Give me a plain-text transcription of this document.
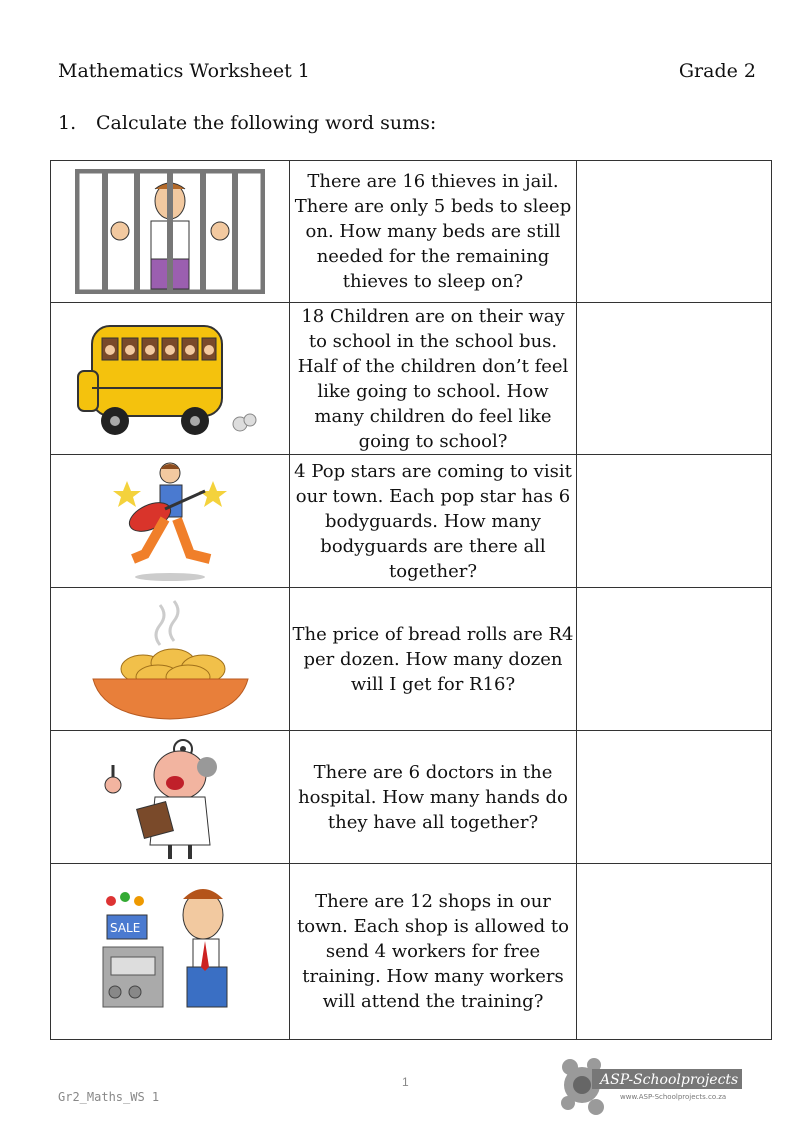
Mathematics Worksheet 1	Grade 2
1. Calculate the following word sums:
	There are 16 thieves in jail. There are only 5 beds to sleep on. How many beds are still needed for the remaining thieves to sleep on?	

	18 Children are on their way to school in the school bus. Half of the children don’t feel like going to school. How many children do feel like going to school?	

	4 Pop stars are coming to visit our town. Each pop star has 6 bodyguards. How many bodyguards are there all together?	

	The price of bread rolls are R4 per dozen. How many dozen will I get for R16?	

	There are 6 doctors in the hospital. How many hands do they have all together?	

SALE	There are 12 shops in our town. Each shop is allowed to send 4 workers for free training. How many workers will attend the training?	
1
Gr2_Maths_WS 1
ASP-Schoolprojects
www.ASP-Schoolprojects.co.za
